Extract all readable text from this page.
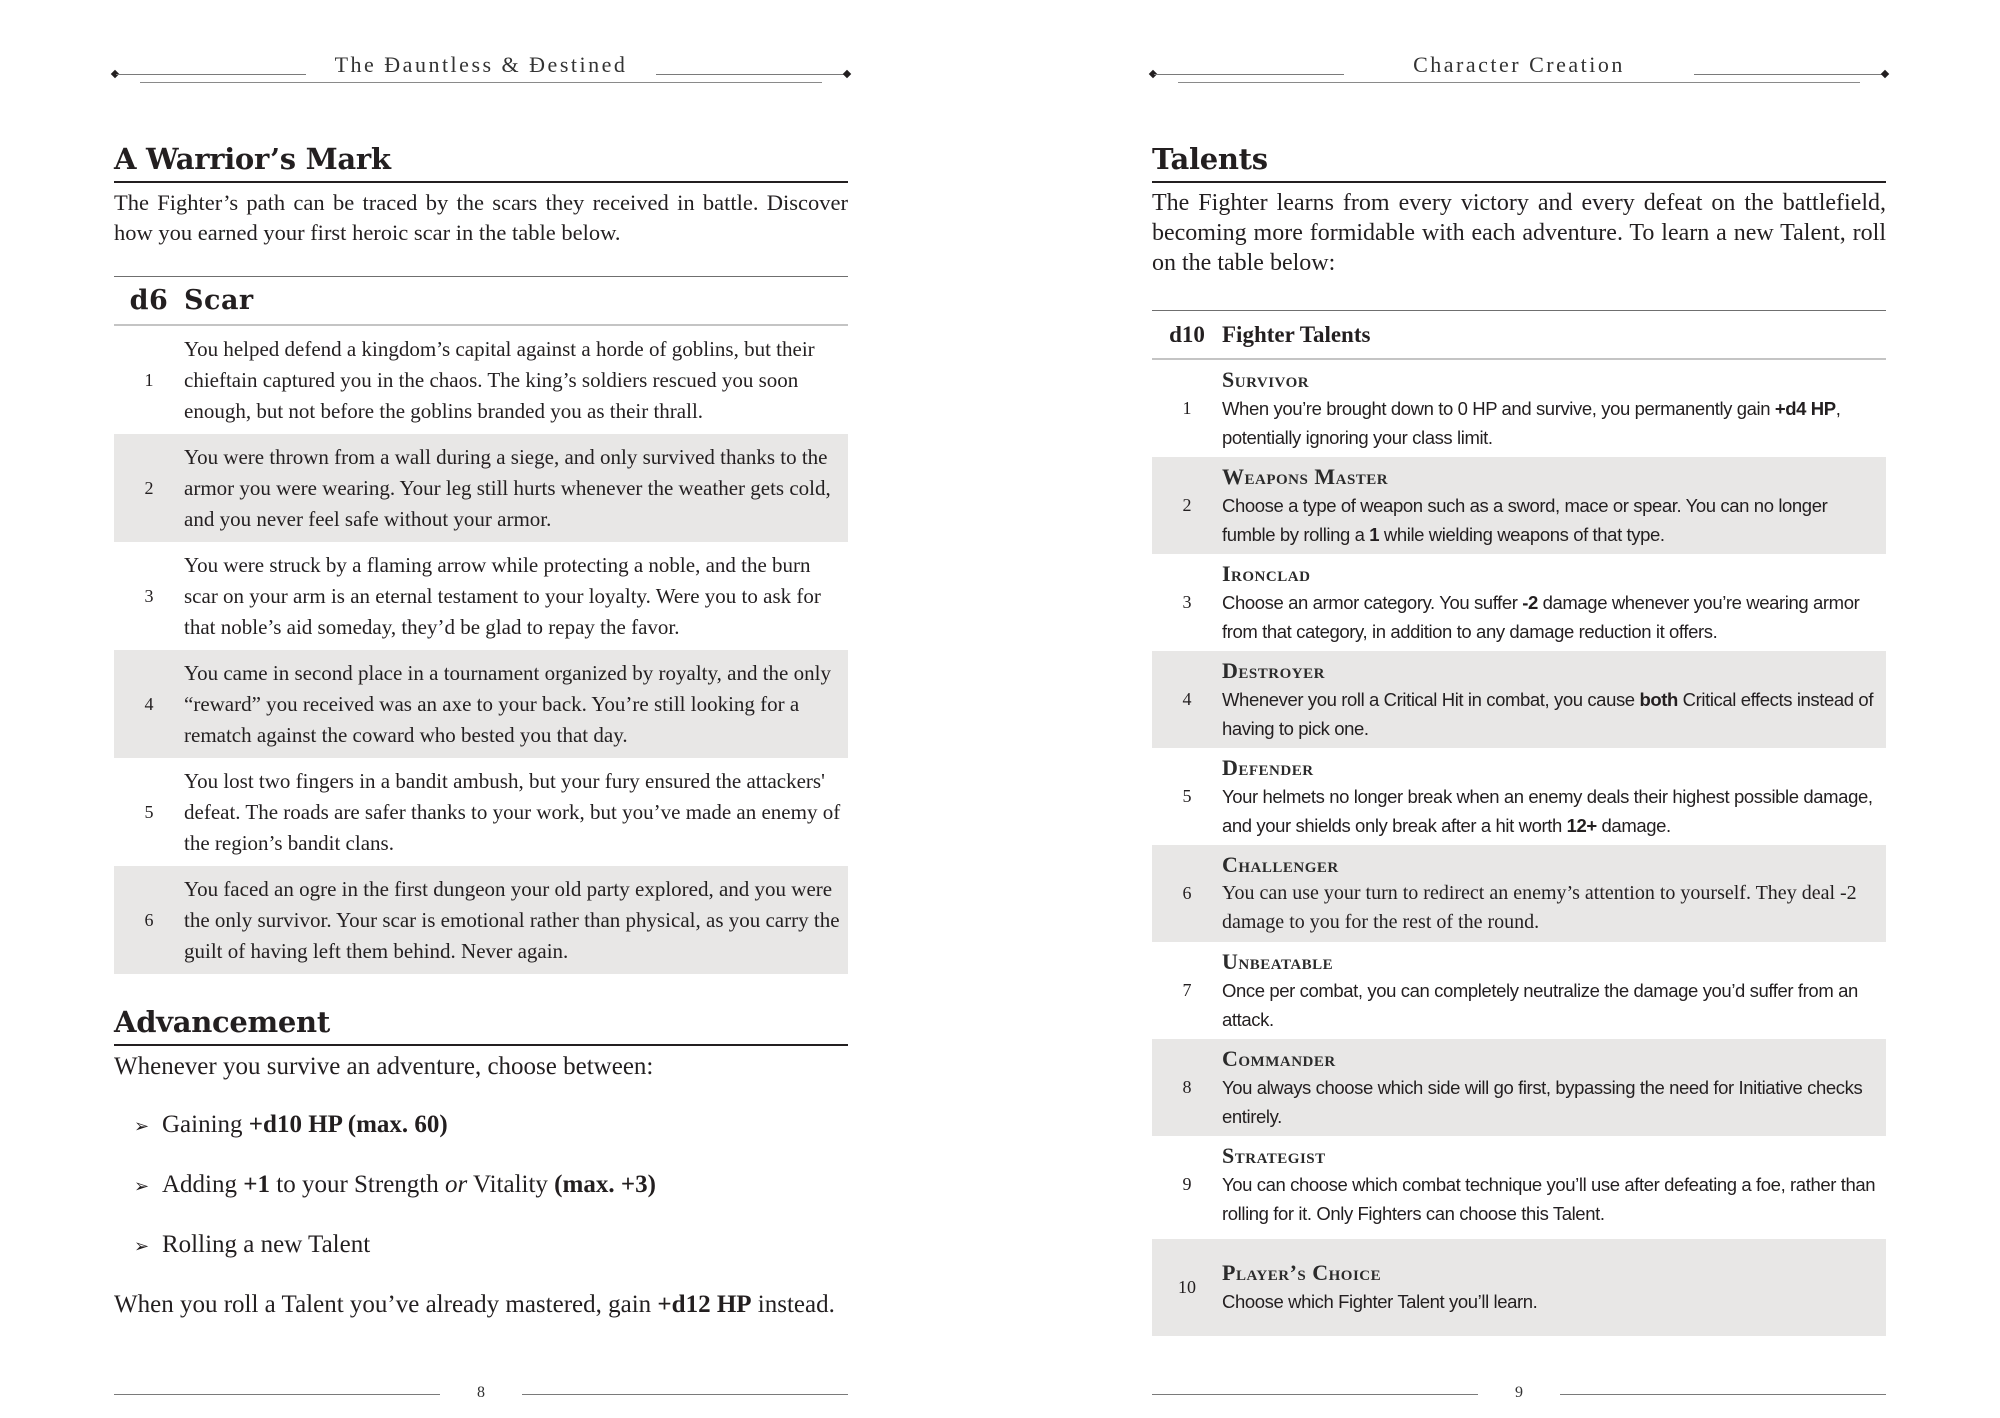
The Đauntless & Đestined
A Warrior’s Mark

The Fighter’s path can be traced by the scars they received in battle. Discover how you earned your first heroic scar in the table below.

d6 Scar
1
You helped defend a kingdom’s capital against a horde of goblins, but their chieftain captured you in the chaos. The king’s soldiers rescued you soon enough, but not before the goblins branded you as their thrall.
2
You were thrown from a wall during a siege, and only survived thanks to the armor you were wearing. Your leg still hurts whenever the weather gets cold, and you never feel safe without your armor.
3
You were struck by a flaming arrow while protecting a noble, and the burn scar on your arm is an eternal testament to your loyalty. Were you to ask for that noble’s aid someday, they’d be glad to repay the favor.
4
You came in second place in a tournament organized by royalty, and the only “reward” you received was an axe to your back. You’re still looking for a rematch against the coward who bested you that day.
5
You lost two fingers in a bandit ambush, but your fury ensured the attackers' defeat. The roads are safer thanks to your work, but you’ve made an enemy of the region’s bandit clans.
6
You faced an ogre in the first dungeon your old party explored, and you were the only survivor. Your scar is emotional rather than physical, as you carry the guilt of having left them behind. Never again.
Advancement

Whenever you survive an adventure, choose between:

➢ Gaining +d10 HP (max. 60)
➢ Adding +1 to your Strength or Vitality (max. +3)
➢ Rolling a new Talent

When you roll a Talent you’ve already mastered, gain +d12 HP instead.

8
Character Creation
Talents

The Fighter learns from every victory and every defeat on the battlefield, becoming more formidable with each adventure. To learn a new Talent, roll on the table below:

d10 Fighter Talents
1
Survivor
When you’re brought down to 0 HP and survive, you permanently gain +d4 HP, potentially ignoring your class limit.
2
Weapons Master
Choose a type of weapon such as a sword, mace or spear. You can no longer fumble by rolling a 1 while wielding weapons of that type.
3
Ironclad
Choose an armor category. You suffer -2 damage whenever you’re wearing armor from that category, in addition to any damage reduction it offers.
4
Destroyer
Whenever you roll a Critical Hit in combat, you cause both Critical effects instead of having to pick one.
5
Defender
Your helmets no longer break when an enemy deals their highest possible damage, and your shields only break after a hit worth 12+ damage.
6
Challenger
You can use your turn to redirect an enemy’s attention to yourself. They deal -2 damage to you for the rest of the round.
7
Unbeatable
Once per combat, you can completely neutralize the damage you’d suffer from an attack.
8
Commander
You always choose which side will go first, bypassing the need for Initiative checks entirely.
9
Strategist
You can choose which combat technique you’ll use after defeating a foe, rather than rolling for it. Only Fighters can choose this Talent.
10
Player’s Choice
Choose which Fighter Talent you’ll learn.
9
